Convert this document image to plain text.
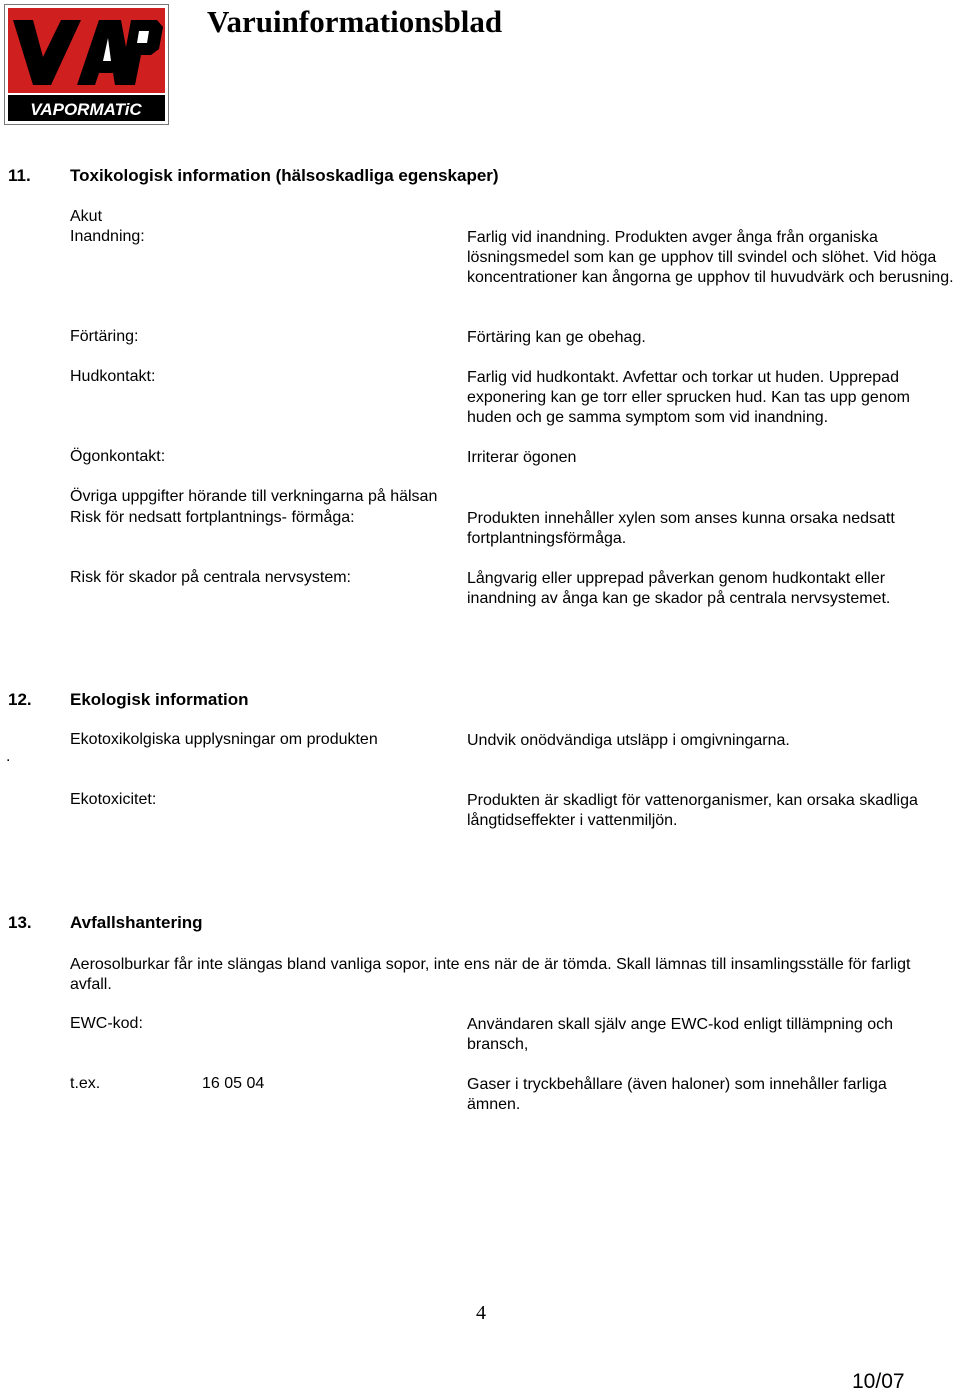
VAPORMATiC
Varuinformationsblad
11. Toxikologisk information (hälsoskadliga egenskaper)
Akut
Inandning:	Farlig vid inandning. Produkten avger ånga från organiska lösningsmedel som kan ge upphov till svindel och slöhet. Vid höga koncentrationer kan ångorna ge upphov til huvudvärk och berusning.
Förtäring:	Förtäring kan ge obehag.
Hudkontakt:	Farlig vid hudkontakt. Avfettar och torkar ut huden. Upprepad exponering kan ge torr eller sprucken hud. Kan tas upp genom huden och ge samma symptom som vid inandning.
Ögonkontakt:	Irriterar ögonen
Övriga uppgifter hörande till verkningarna på hälsan
Risk för nedsatt fortplantnings- förmåga:	Produkten innehåller xylen som anses kunna orsaka nedsatt fortplantningsförmåga.
Risk för skador på centrala nervsystem:	Långvarig eller upprepad påverkan genom hudkontakt eller inandning av ånga kan ge skador på centrala nervsystemet.
12. Ekologisk information
.
Ekotoxikolgiska upplysningar om produkten	Undvik onödvändiga utsläpp i omgivningarna.
Ekotoxicitet:	Produkten är skadligt för vattenorganismer, kan orsaka skadliga långtidseffekter i vattenmiljön.
13. Avfallshantering
Aerosolburkar får inte slängas bland vanliga sopor, inte ens när de är tömda. Skall lämnas till insamlingsställe för farligt avfall.
EWC-kod:	Användaren skall själv ange EWC-kod enligt tillämpning och bransch,
t.ex.	16 05 04	Gaser i tryckbehållare (även haloner) som innehåller farliga ämnen.
4
10/07
